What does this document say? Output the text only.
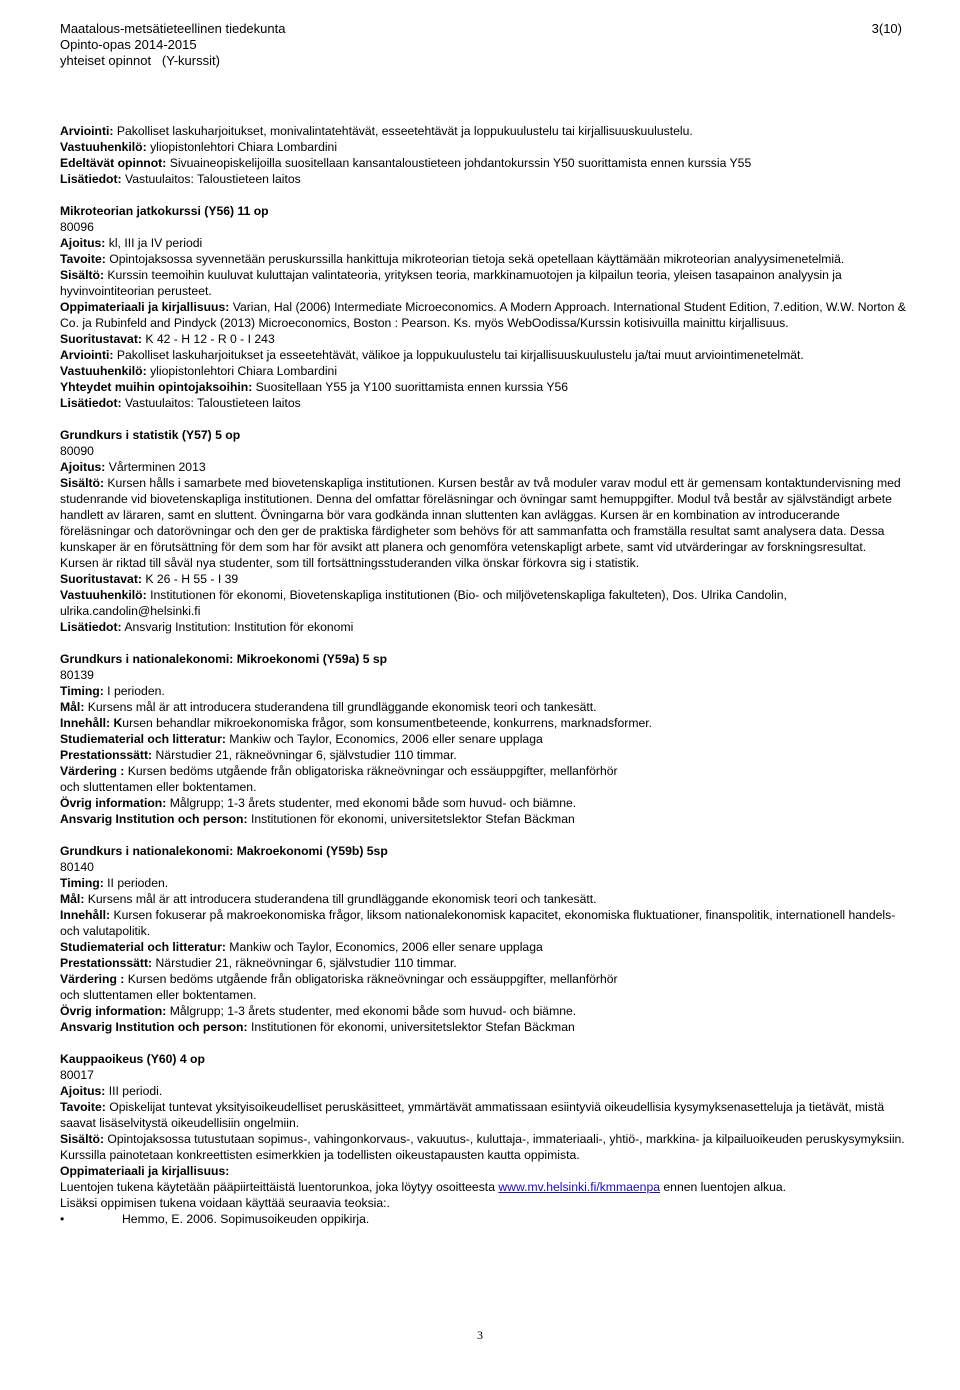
Maatalous-metsätieteellinen tiedekunta
Opinto-opas 2014-2015
yhteiset opinnot   (Y-kurssit)
3(10)

Arviointi: Pakolliset laskuharjoitukset, monivalintatehtävät, esseetehtävät ja loppukuulustelu tai kirjallisuuskuulustelu.

Vastuuhenkilö: yliopistonlehtori Chiara Lombardini

Edeltävät opinnot: Sivuaineopiskelijoilla suositellaan kansantaloustieteen johdantokurssin Y50 suorittamista ennen kurssia Y55

Lisätiedot: Vastuulaitos: Taloustieteen laitos

Mikroteorian jatkokurssi (Y56) 11 op

80096

Ajoitus: kl, III ja IV periodi

Tavoite: Opintojaksossa syvennetään peruskurssilla hankittuja mikroteorian tietoja sekä opetellaan käyttämään mikroteorian analyysimenetelmiä.

Sisältö: Kurssin teemoihin kuuluvat kuluttajan valintateoria, yrityksen teoria, markkinamuotojen ja kilpailun teoria, yleisen tasapainon analyysin ja hyvinvointiteorian perusteet.

Oppimateriaali ja kirjallisuus: Varian, Hal (2006) Intermediate Microeconomics. A Modern Approach. International Student Edition, 7.edition, W.W. Norton & Co. ja Rubinfeld and Pindyck (2013) Microeconomics, Boston : Pearson. Ks. myös WebOodissa/Kurssin kotisivuilla mainittu kirjallisuus.

Suoritustavat: K 42 - H 12 - R 0 - I 243

Arviointi: Pakolliset laskuharjoitukset ja esseetehtävät, välikoe ja loppukuulustelu tai kirjallisuuskuulustelu ja/tai muut arviointimenetelmät.

Vastuuhenkilö: yliopistonlehtori Chiara Lombardini

Yhteydet muihin opintojaksoihin: Suositellaan Y55 ja Y100 suorittamista ennen kurssia Y56

Lisätiedot: Vastuulaitos: Taloustieteen laitos

Grundkurs i statistik (Y57) 5 op

80090

Ajoitus: Vårterminen 2013

Sisältö: Kursen hålls i samarbete med biovetenskapliga institutionen. Kursen består av två moduler varav modul ett är gemensam kontaktundervisning med studenrande vid biovetenskapliga institutionen. Denna del omfattar föreläsningar och övningar samt hemuppgifter. Modul två består av självständigt arbete handlett av läraren, samt en sluttent. Övningarna bör vara godkända innan sluttenten kan avläggas. Kursen är en kombination av introducerande föreläsningar och datorövningar och den ger de praktiska färdigheter som behövs för att sammanfatta och framställa resultat samt analysera data. Dessa kunskaper är en förutsättning för dem som har för avsikt att planera och genomföra vetenskapligt arbete, samt vid utvärderingar av forskningsresultat. Kursen är riktad till såväl nya studenter, som till fortsättningsstuderanden vilka önskar förkovra sig i statistik.

Suoritustavat: K 26 - H 55 - I 39

Vastuuhenkilö: Institutionen för ekonomi, Biovetenskapliga institutionen (Bio- och miljövetenskapliga fakulteten), Dos. Ulrika Candolin, ulrika.candolin@helsinki.fi

Lisätiedot: Ansvarig Institution: Institution för ekonomi

Grundkurs i nationalekonomi: Mikroekonomi (Y59a) 5 sp

80139

Timing: I perioden.

Mål: Kursens mål är att introducera studerandena till grundläggande ekonomisk teori och tankesätt.

Innehåll: Kursen behandlar mikroekonomiska frågor, som konsumentbeteende, konkurrens, marknadsformer.

Studiematerial och litteratur: Mankiw och Taylor, Economics, 2006 eller senare upplaga

Prestationssätt: Närstudier 21, räkneövningar 6, självstudier 110 timmar.

Värdering : Kursen bedöms utgående från obligatoriska räkneövningar och essäuppgifter, mellanförhör och sluttentamen eller boktentamen.

Övrig information: Målgrupp; 1-3 årets studenter, med ekonomi både som huvud- och biämne.

Ansvarig Institution och person: Institutionen för ekonomi, universitetslektor Stefan Bäckman

Grundkurs i nationalekonomi: Makroekonomi (Y59b) 5sp

80140

Timing: II perioden.

Mål: Kursens mål är att introducera studerandena till grundläggande ekonomisk teori och tankesätt.

Innehåll: Kursen fokuserar på makroekonomiska frågor, liksom nationalekonomisk kapacitet, ekonomiska fluktuationer, finanspolitik, internationell handels- och valutapolitik.

Studiematerial och litteratur: Mankiw och Taylor, Economics, 2006 eller senare upplaga

Prestationssätt: Närstudier 21, räkneövningar 6, självstudier 110 timmar.

Värdering : Kursen bedöms utgående från obligatoriska räkneövningar och essäuppgifter, mellanförhör och sluttentamen eller boktentamen.

Övrig information: Målgrupp; 1-3 årets studenter, med ekonomi både som huvud- och biämne.

Ansvarig Institution och person: Institutionen för ekonomi, universitetslektor Stefan Bäckman

Kauppaoikeus (Y60) 4 op

80017

Ajoitus: III periodi.

Tavoite: Opiskelijat tuntevat yksityisoikeudelliset peruskäsitteet, ymmärtävät ammatissaan esiintyviä oikeudellisia kysymyksenasetteluja ja tietävät, mistä saavat lisäselvitystä oikeudellisiin ongelmiin.

Sisältö: Opintojaksossa tutustutaan sopimus-, vahingonkorvaus-, vakuutus-, kuluttaja-, immateriaali-, yhtiö-, markkina- ja kilpailuoikeuden peruskysymyksiin. Kurssilla painotetaan konkreettisten esimerkkien ja todellisten oikeustapausten kautta oppimista.

Oppimateriaali ja kirjallisuus:

Luentojen tukena käytetään pääpiirteittäistä luentorunkoa, joka löytyy osoitteesta www.mv.helsinki.fi/kmmaenpa ennen luentojen alkua.

Lisäksi oppimisen tukena voidaan käyttää seuraavia teoksia:.

•	Hemmo, E. 2006. Sopimusoikeuden oppikirja.

3
